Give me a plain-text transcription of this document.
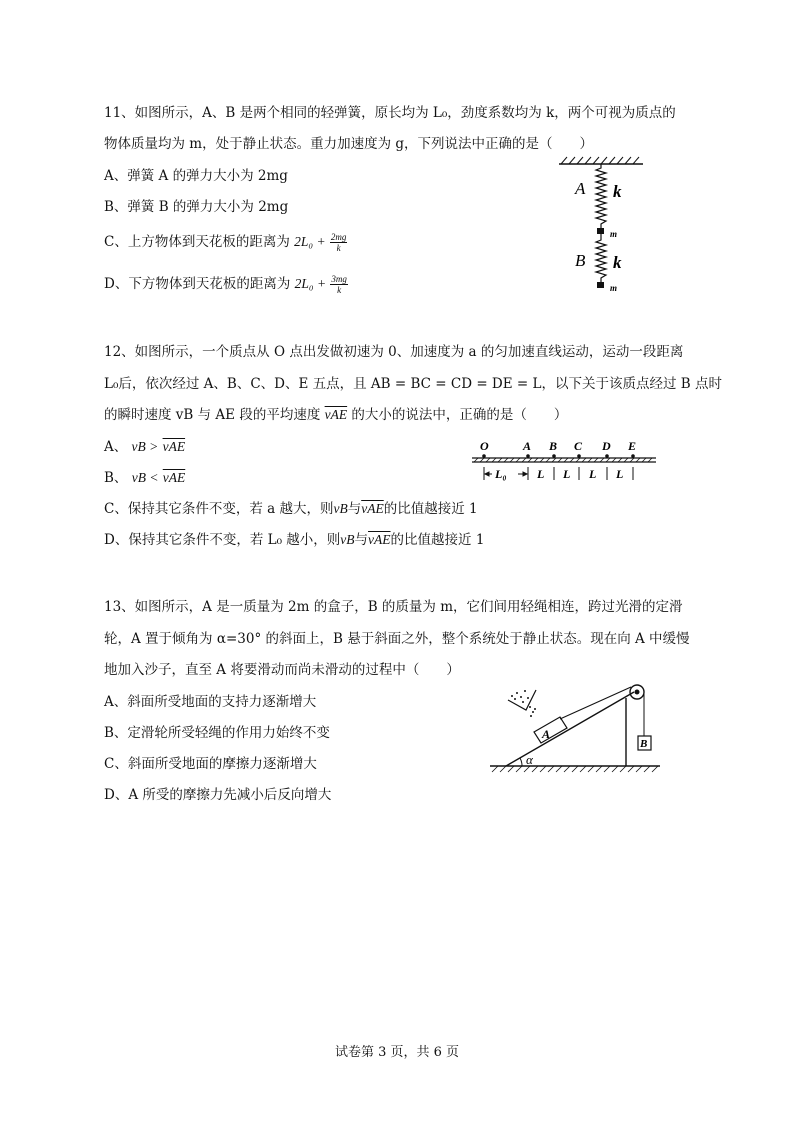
11、如图所示，A、B 是两个相同的轻弹簧，原长均为 L₀，劲度系数均为 k，两个可视为质点的
物体质量均为 m，处于静止状态。重力加速度为 g，下列说法中正确的是（　　）
A、弹簧 A 的弹力大小为 2mg
B、弹簧 B 的弹力大小为 2mg
C、上方物体到天花板的距离为 $2L_0 + \frac{2mg}{k}$
D、下方物体到天花板的距离为 $2L_0 + \frac{3mg}{k}$
A k
m
B k
m
12、如图所示，一个质点从 O 点出发做初速为 0、加速度为 a 的匀加速直线运动，运动一段距离
L₀后，依次经过 A、B、C、D、E 五点，且 AB = BC = CD = DE = L，以下关于该质点经过 B 点时
的瞬时速度 vB 与 AE 段的平均速度 $\overline{vAE}$ 的大小的说法中，正确的是（　　）
A、 vB > $\overline{vAE}$
B、 vB < $\overline{vAE}$
C、保持其它条件不变，若 a 越大，则vB与$\overline{vAE}$的比值越接近 1
D、保持其它条件不变，若 L₀ 越小，则vB与$\overline{vAE}$的比值越接近 1
O	A B C D E
L₀	L L L L
13、如图所示，A 是一质量为 2m 的盒子，B 的质量为 m，它们间用轻绳相连，跨过光滑的定滑
轮，A 置于倾角为 α=30° 的斜面上，B 悬于斜面之外，整个系统处于静止状态。现在向 A 中缓慢
地加入沙子，直至 A 将要滑动而尚未滑动的过程中（　　）
A、斜面所受地面的支持力逐渐增大
B、定滑轮所受轻绳的作用力始终不变
C、斜面所受地面的摩擦力逐渐增大
D、A 所受的摩擦力先减小后反向增大
A
B
α
试卷第 3 页，共 6 页
